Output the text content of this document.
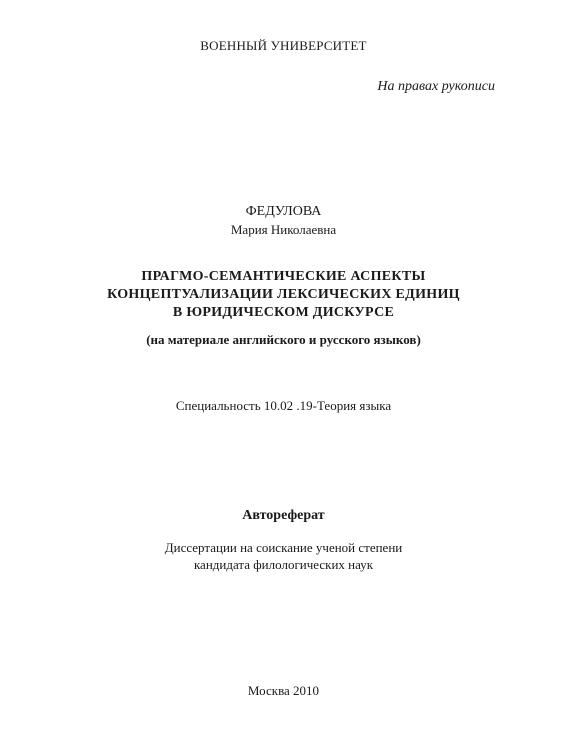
ВОЕННЫЙ УНИВЕРСИТЕТ
На правах рукописи
ФЕДУЛОВА
Мария Николаевна
ПРАГМО-СЕМАНТИЧЕСКИЕ АСПЕКТЫ
КОНЦЕПТУАЛИЗАЦИИ ЛЕКСИЧЕСКИХ ЕДИНИЦ
В ЮРИДИЧЕСКОМ ДИСКУРСЕ
(на материале английского и русского языков)
Специальность 10.02 .19-Теория языка
Автореферат
Диссертации на соискание ученой степени
кандидата филологических наук
Москва 2010
